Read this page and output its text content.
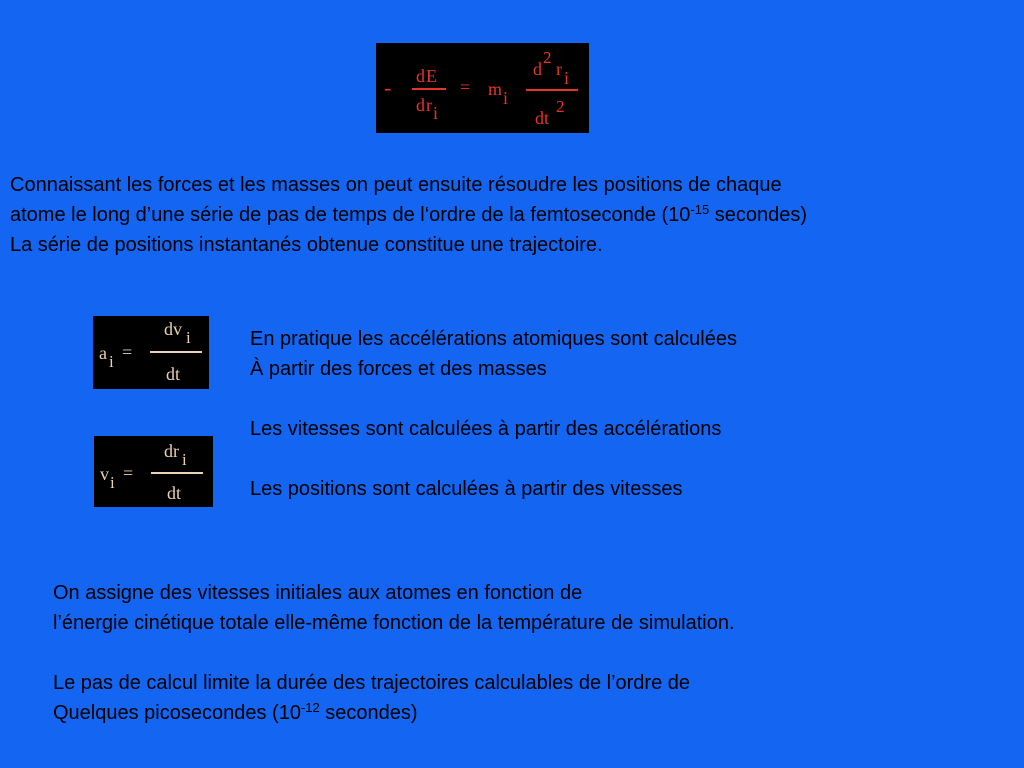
- d E
d r i
= m i
d
2
r i
dt
2
a i =
dv i
dt
v i =
dr i
dt
Connaissant les forces et les masses on peut ensuite résoudre les positions de chaque
atome le long d’une série de pas de temps de l‘ordre de la femtoseconde ($10^{-15}$ secondes)
La série de positions instantanés obtenue constitue une trajectoire.
En pratique les accélérations atomiques sont calculées
À partir des forces et des masses
Les vitesses sont calculées à partir des accélérations
Les positions sont calculées à partir des vitesses
On assigne des vitesses initiales aux atomes en fonction de
l’énergie cinétique totale elle-même fonction de la température de simulation.
Le pas de calcul limite la durée des trajectoires calculables de l’ordre de
Quelques picosecondes ($10^{-12}$ secondes)
